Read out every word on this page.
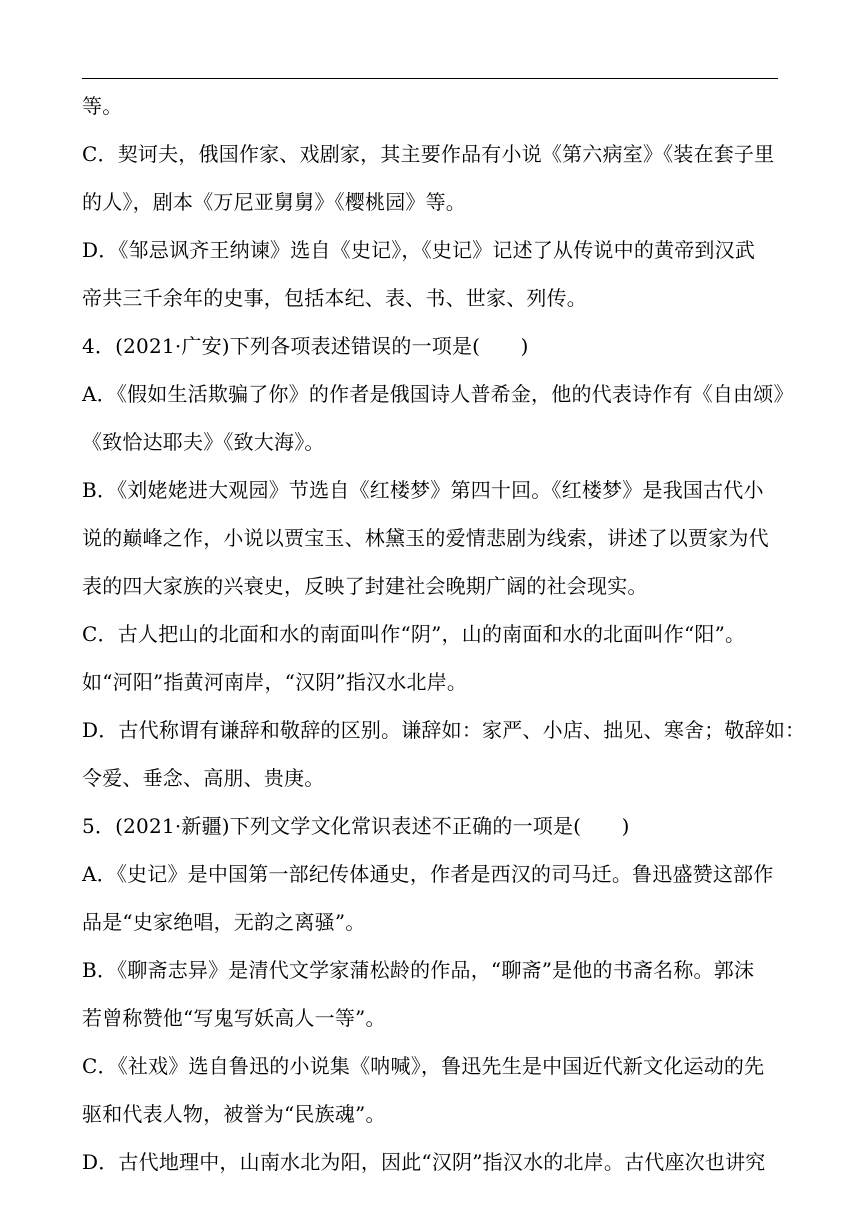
等。
C．契诃夫，俄国作家、戏剧家，其主要作品有小说《第六病室》《装在套子里
的人》，剧本《万尼亚舅舅》《樱桃园》等。
D．《邹忌讽齐王纳谏》选自《史记》，《史记》记述了从传说中的黄帝到汉武
帝共三千余年的史事，包括本纪、表、书、世家、列传。
4．(2021·广安)下列各项表述错误的一项是(　　)
A．《假如生活欺骗了你》的作者是俄国诗人普希金，他的代表诗作有《自由颂》
《致恰达耶夫》《致大海》。
B．《刘姥姥进大观园》节选自《红楼梦》第四十回。《红楼梦》是我国古代小
说的巅峰之作，小说以贾宝玉、林黛玉的爱情悲剧为线索，讲述了以贾家为代
表的四大家族的兴衰史，反映了封建社会晚期广阔的社会现实。
C．古人把山的北面和水的南面叫作“阴”，山的南面和水的北面叫作“阳”。
如“河阳”指黄河南岸，“汉阴”指汉水北岸。
D．古代称谓有谦辞和敬辞的区别。谦辞如：家严、小店、拙见、寒舍；敬辞如：
令爱、垂念、高朋、贵庚。
5．(2021·新疆)下列文学文化常识表述不正确的一项是(　　)
A．《史记》是中国第一部纪传体通史，作者是西汉的司马迁。鲁迅盛赞这部作
品是“史家绝唱，无韵之离骚”。
B．《聊斋志异》是清代文学家蒲松龄的作品，“聊斋”是他的书斋名称。郭沫
若曾称赞他“写鬼写妖高人一等”。
C．《社戏》选自鲁迅的小说集《呐喊》，鲁迅先生是中国近代新文化运动的先
驱和代表人物，被誉为“民族魂”。
D．古代地理中，山南水北为阳，因此“汉阴”指汉水的北岸。古代座次也讲究
